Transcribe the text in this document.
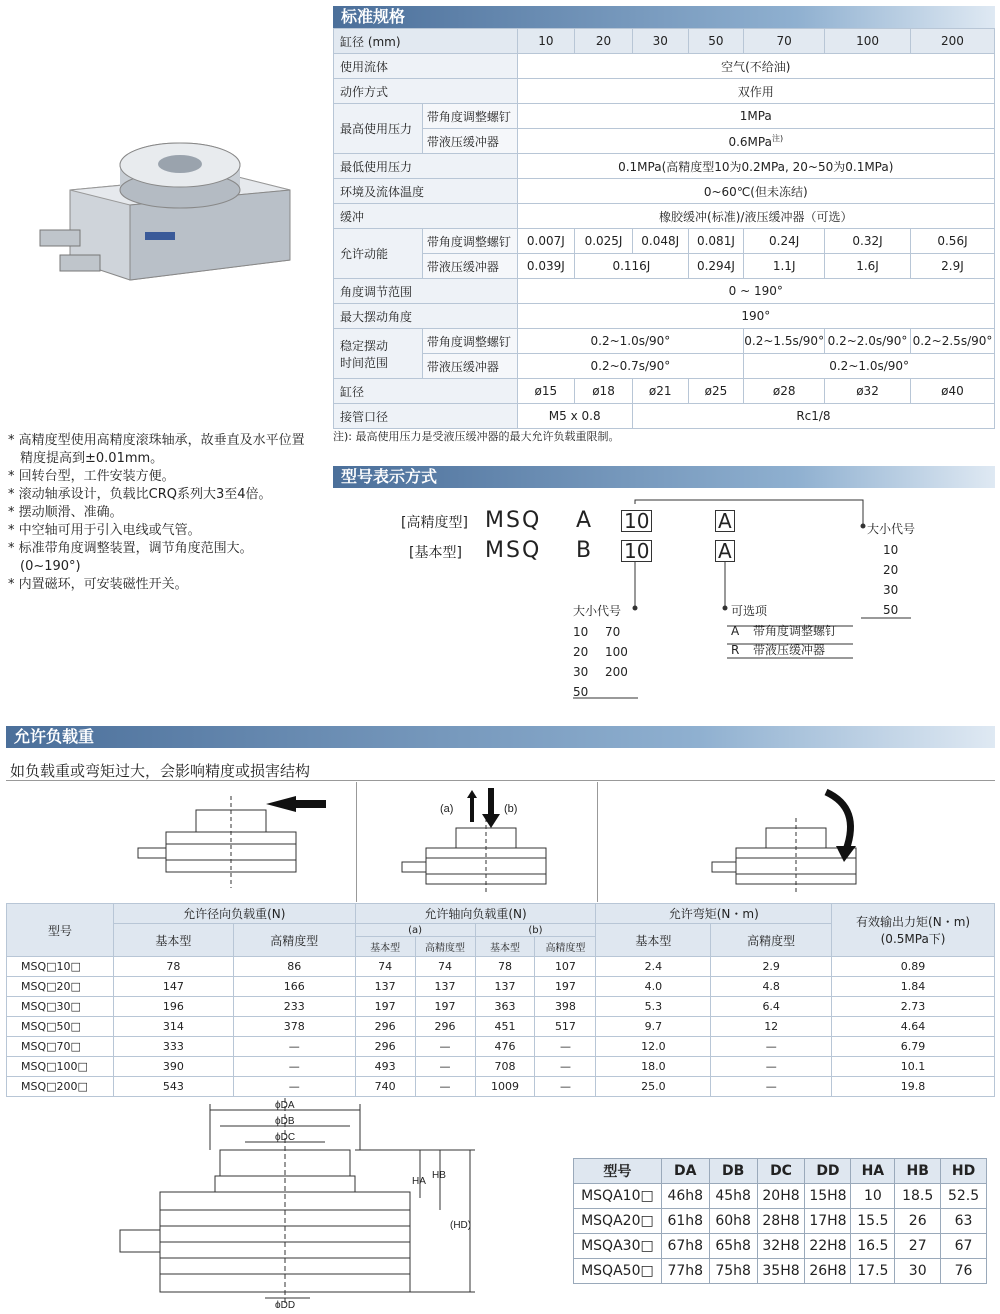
* 高精度型使用高精度滚珠轴承，故垂直及水平位置精度提高到±0.01mm。
* 回转台型，工件安装方便。
* 滚动轴承设计，负载比CRQ系列大3至4倍。
* 摆动顺滑、准确。
* 中空轴可用于引入电线或气管。
* 标准带角度调整装置，调节角度范围大。(0~190°)
* 内置磁环，可安装磁性开关。
标准规格
缸径 (mm)		10	20	30	50	70	100	200
使用流体		空气(不给油)						
动作方式		双作用						
最高使用压力	带角度调整螺钉	1MPa						
	带液压缓冲器	0.6MPa$^{注)}$
最低使用压力		0.1MPa(高精度型10为0.2MPa, 20~50为0.1MPa)						
环境及流体温度		0~60℃(但未冻结)						
缓冲		橡胶缓冲(标准)/液压缓冲器（可选）						
允许动能	带角度调整螺钉	0.007J	0.025J	0.048J	0.081J	0.24J	0.32J	0.56J
	带液压缓冲器	0.039J	0.116J		0.294J	1.1J	1.6J	2.9J
角度调节范围		0 ~ 190°						
最大摆动角度		190°						

稳定摆动
时间范围	带角度调整螺钉	0.2~1.0s/90°				0.2~1.5s/90°	0.2~2.0s/90°	0.2~2.5s/90°
	带液压缓冲器	0.2~0.7s/90°				0.2~1.0s/90°		
缸径		ø15	ø18	ø21	ø25	ø28	ø32	ø40
接管口径		M5 x 0.8		Rc1/8				
注): 最高使用压力是受液压缓冲器的最大允许负载重限制。
型号表示方式
[高精度型]
[基本型]
MSQ
MSQ
A
B
10
10
A
A
大小代号
10 70
20 100
30 200
50
可选项
A 带角度调整螺钉
R 带液压缓冲器
大小代号
10
20
30
50
允许负载重
如负载重或弯矩过大，会影响精度或损害结构
(a)	(b)
型号	允许径向负载重(N)		允许轴向负载重(N)				允许弯矩(N・m)		有效输出力矩(N・m)
(0.5MPa下)

	基本型	高精度型	(a)		(b)		基本型	高精度型	
			基本型	高精度型	基本型	高精度型			
MSQ□10□	78	86	74	74	78	107	2.4	2.9	0.89
MSQ□20□	147	166	137	137	137	197	4.0	4.8	1.84
MSQ□30□	196	233	197	197	363	398	5.3	6.4	2.73
MSQ□50□	314	378	296	296	451	517	9.7	12	4.64
MSQ□70□	333	—	296	—	476	—	12.0	—	6.79
MSQ□100□	390	—	493	—	708	—	18.0	—	10.1
MSQ□200□	543	—	740	—	1009	—	25.0	—	19.8
ϕDA
ϕDB
ϕDC
ϕDD
HA
HB
(HD)
型号	DA	DB	DC	DD	HA	HB	HD
MSQA10□	46h8	45h8	20H8	15H8	10	18.5	52.5
MSQA20□	61h8	60h8	28H8	17H8	15.5	26	63
MSQA30□	67h8	65h8	32H8	22H8	16.5	27	67
MSQA50□	77h8	75h8	35H8	26H8	17.5	30	76
